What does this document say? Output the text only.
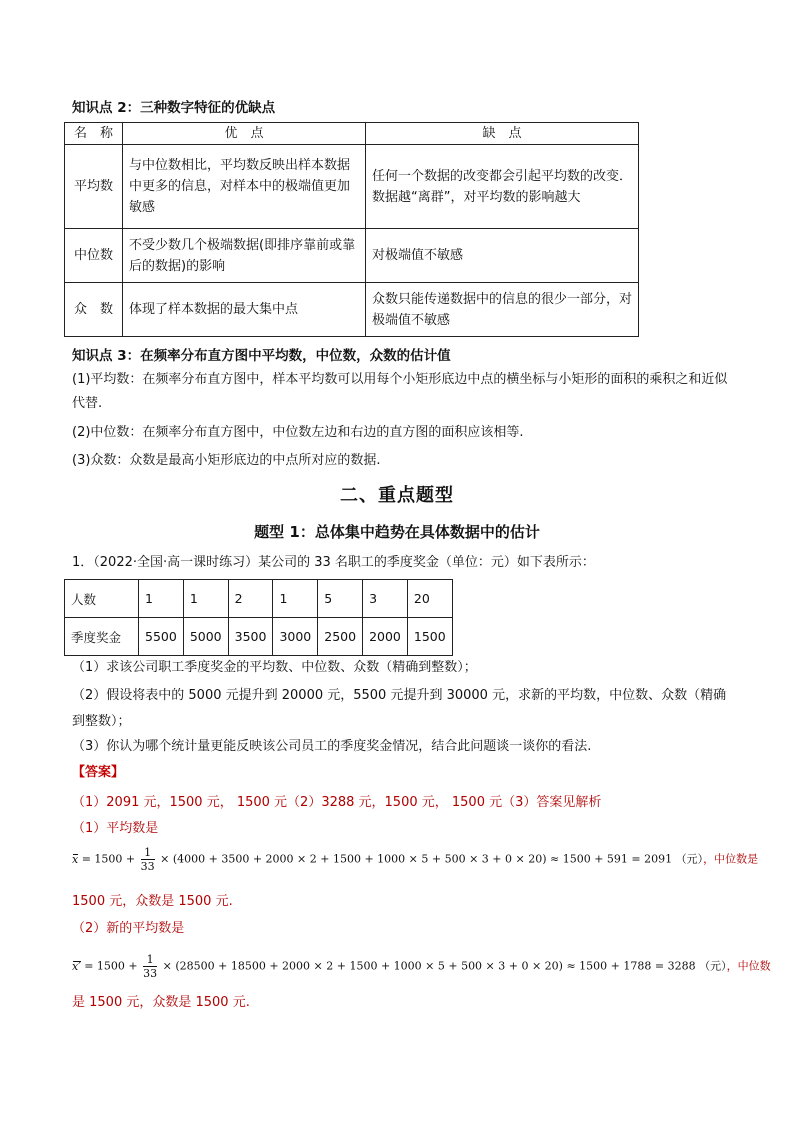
知识点 2：三种数字特征的优缺点
名　称	优　点	缺　点
平均数	与中位数相比，平均数反映出样本数据中更多的信息，对样本中的极端值更加敏感	任何一个数据的改变都会引起平均数的改变．数据越“离群”，对平均数的影响越大
中位数	不受少数几个极端数据(即排序靠前或靠后的数据)的影响	对极端值不敏感
众　数	体现了样本数据的最大集中点	众数只能传递数据中的信息的很少一部分，对极端值不敏感
知识点 3：在频率分布直方图中平均数，中位数，众数的估计值
(1)平均数：在频率分布直方图中，样本平均数可以用每个小矩形底边中点的横坐标与小矩形的面积的乘积之和近似代替.
(2)中位数：在频率分布直方图中，中位数左边和右边的直方图的面积应该相等.
(3)众数：众数是最高小矩形底边的中点所对应的数据.
二、重点题型
题型 1：总体集中趋势在具体数据中的估计
1．（2022·全国·高一课时练习）某公司的 33 名职工的季度奖金（单位：元）如下表所示：
人数	1	1	2	1	5	3	20
季度奖金	5500	5000	3500	3000	2500	2000	1500
（1）求该公司职工季度奖金的平均数、中位数、众数（精确到整数）；
（2）假设将表中的 5000 元提升到 20000 元，5500 元提升到 30000 元，求新的平均数，中位数、众数（精确到整数）；
（3）你认为哪个统计量更能反映该公司员工的季度奖金情况，结合此问题谈一谈你的看法.
【答案】
（1）2091 元，1500 元， 1500 元（2）3288 元，1500 元， 1500 元（3）答案见解析
（1）平均数是
$x = 1500 + \frac{1}{33} \times (4000 + 3500 + 2000 \times 2 + 1500 + 1000 \times 5 + 500 \times 3 + 0 \times 20) \approx 1500 + 591 = 2091$ （元），中位数是
1500 元，众数是 1500 元.
（2）新的平均数是
$x' = 1500 + \frac{1}{33} \times (28500 + 18500 + 2000 \times 2 + 1500 + 1000 \times 5 + 500 \times 3 + 0 \times 20) \approx 1500 + 1788 = 3288$ （元），中位数
是 1500 元，众数是 1500 元.
